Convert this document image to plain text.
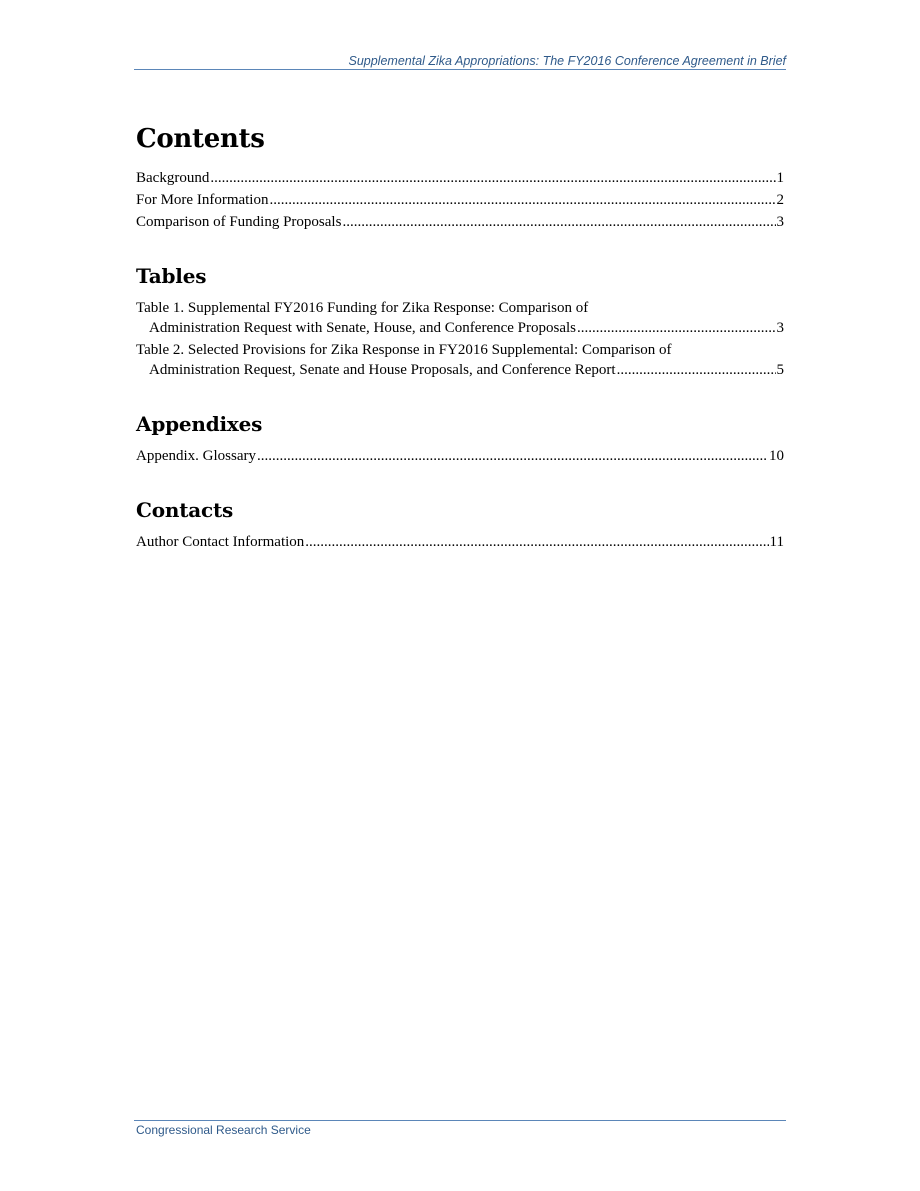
Supplemental Zika Appropriations: The FY2016 Conference Agreement in Brief
Contents
Background .....	1
For More Information .....	2
Comparison of Funding Proposals .....	3
Tables
Table 1. Supplemental FY2016 Funding for Zika Response: Comparison of
Administration Request with Senate, House, and Conference Proposals .....	3
Table 2. Selected Provisions for Zika Response in FY2016 Supplemental: Comparison of
Administration Request, Senate and House Proposals, and Conference Report .....	5
Appendixes
Appendix. Glossary .....	10
Contacts
Author Contact Information .....	11
Congressional Research Service
